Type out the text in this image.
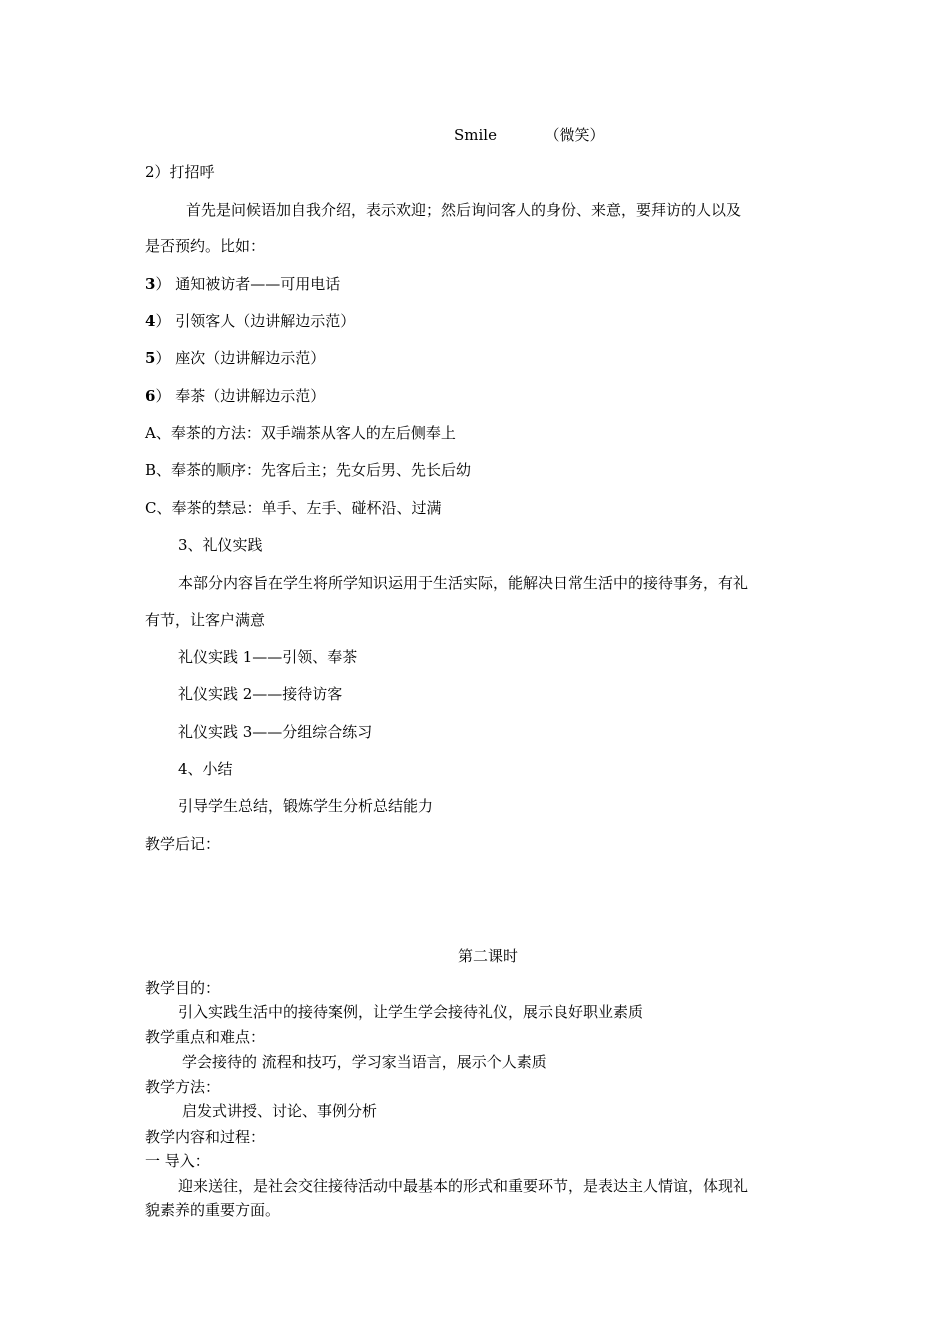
Smile	（微笑）
2）打招呼
首先是问候语加自我介绍，表示欢迎；然后询问客人的身份、来意，要拜访的人以及
是否预约。比如：
3） 通知被访者——可用电话
4） 引领客人（边讲解边示范）
5） 座次（边讲解边示范）
6） 奉茶（边讲解边示范）
A、奉茶的方法：双手端茶从客人的左后侧奉上
B、奉茶的顺序：先客后主；先女后男、先长后幼
C、奉茶的禁忌：单手、左手、碰杯沿、过满
3、礼仪实践
本部分内容旨在学生将所学知识运用于生活实际，能解决日常生活中的接待事务，有礼
有节，让客户满意
礼仪实践 1——引领、奉茶
礼仪实践 2——接待访客
礼仪实践 3——分组综合练习
4、小结
引导学生总结，锻炼学生分析总结能力
教学后记：
第二课时
教学目的：
引入实践生活中的接待案例，让学生学会接待礼仪，展示良好职业素质
教学重点和难点：
学会接待的 流程和技巧，学习家当语言，展示个人素质
教学方法：
启发式讲授、讨论、事例分析
教学内容和过程：
一 导入：
迎来送往，是社会交往接待活动中最基本的形式和重要环节，是表达主人情谊，体现礼
貌素养的重要方面。
